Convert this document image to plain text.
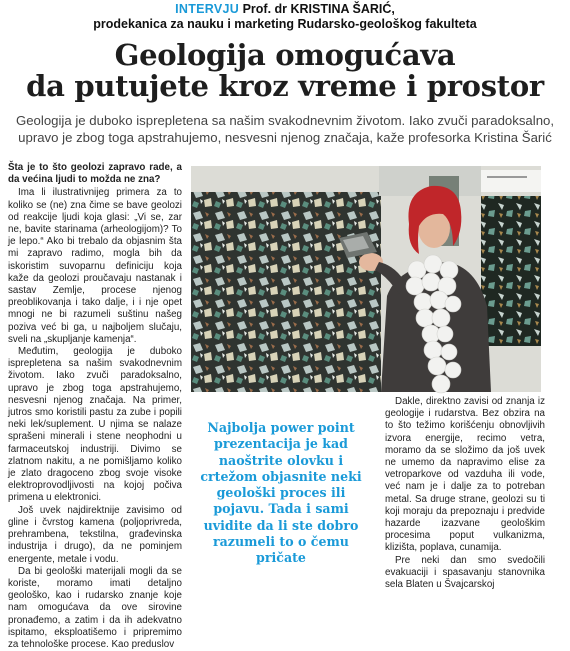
INTERVJU Prof. dr KRISTINA ŠARIĆ,
prodekanica za nauku i marketing Rudarsko-geološkog fakulteta
Geologija omogućava
da putujete kroz vreme i prostor
Geologija je duboko isprepletena sa našim svakodnevnim životom. Iako zvuči paradoksalno,
upravo je zbog toga apstrahujemo, nesvesni njenog značaja, kaže profesorka Kristina Šarić

Šta je to što geolozi zapravo rade, a da većina ljudi to možda ne zna?

Ima li ilustrativnijeg primera za to koliko se (ne) zna čime se bave geolozi od reakcije ljudi koja glasi: „Vi se, zar ne, bavite starinama (arheologijom)? To je lepo.“ Ako bi trebalo da objasnim šta mi zapravo radimo, mogla bih da iskoristim suvoparnu definiciju koja kaže da geolozi proučavaju nastanak i sastav Zemlje, procese njenog preoblikovanja i tako dalje, i i nje opet mnogi ne bi razumeli suštinu našeg poziva već bi ga, u najboljem slučaju, sveli na „skupljanje kamenja“.

Međutim, geologija je duboko isprepletena sa našim svakodnevnim životom. Iako zvuči paradoksalno, upravo je zbog toga apstrahujemo, nesvesni njenog značaja. Na primer, jutros smo koristili pastu za zube i popili neki lek/suplement. U njima se nalaze sprašeni minerali i stene neophodni u farmaceutskoj industriji. Divimo se zlatnom nakitu, a ne pomišljamo koliko je zlato dragoceno zbog svoje visoke elektroprovodljivosti na kojoj počiva primena u elektronici.

Još uvek najdirektnije zavisimo od gline i čvrstog kamena (poljoprivreda, prehrambena, tekstilna, građevinska industrija i drugo), da ne pominjem energente, metale i vodu.

Da bi geološki materijali mogli da se koriste, moramo imati detaljno geološko, kao i rudarsko znanje koje nam omogućava da ove sirovine pronađemo, a zatim i da ih adekvatno ispitamo, eksploatišemo i pripremimo za tehnološke procese. Kao preduslov

Najbolja power point prezentacija je kad naoštrite olovku i crtežom objasnite neki geološki proces ili pojavu. Tada i sami uvidite da li ste dobro razumeli to o čemu pričate

Dakle, direktno zavisi od znanja iz geologije i rudarstva. Bez obzira na to što težimo korišćenju obnovljivih izvora energije, recimo vetra, moramo da se složimo da još uvek ne umemo da napravimo elise za vetroparkove od vazduha ili vode, već nam je i dalje za to potreban metal. Sa druge strane, geolozi su ti koji moraju da prepoznaju i predvide hazarde izazvane geološkim procesima poput vulkanizma, klizišta, poplava, cunamija.

Pre neki dan smo svedočili evakuaciji i spasavanju stanovnika sela Blaten u Švajcarskoj
